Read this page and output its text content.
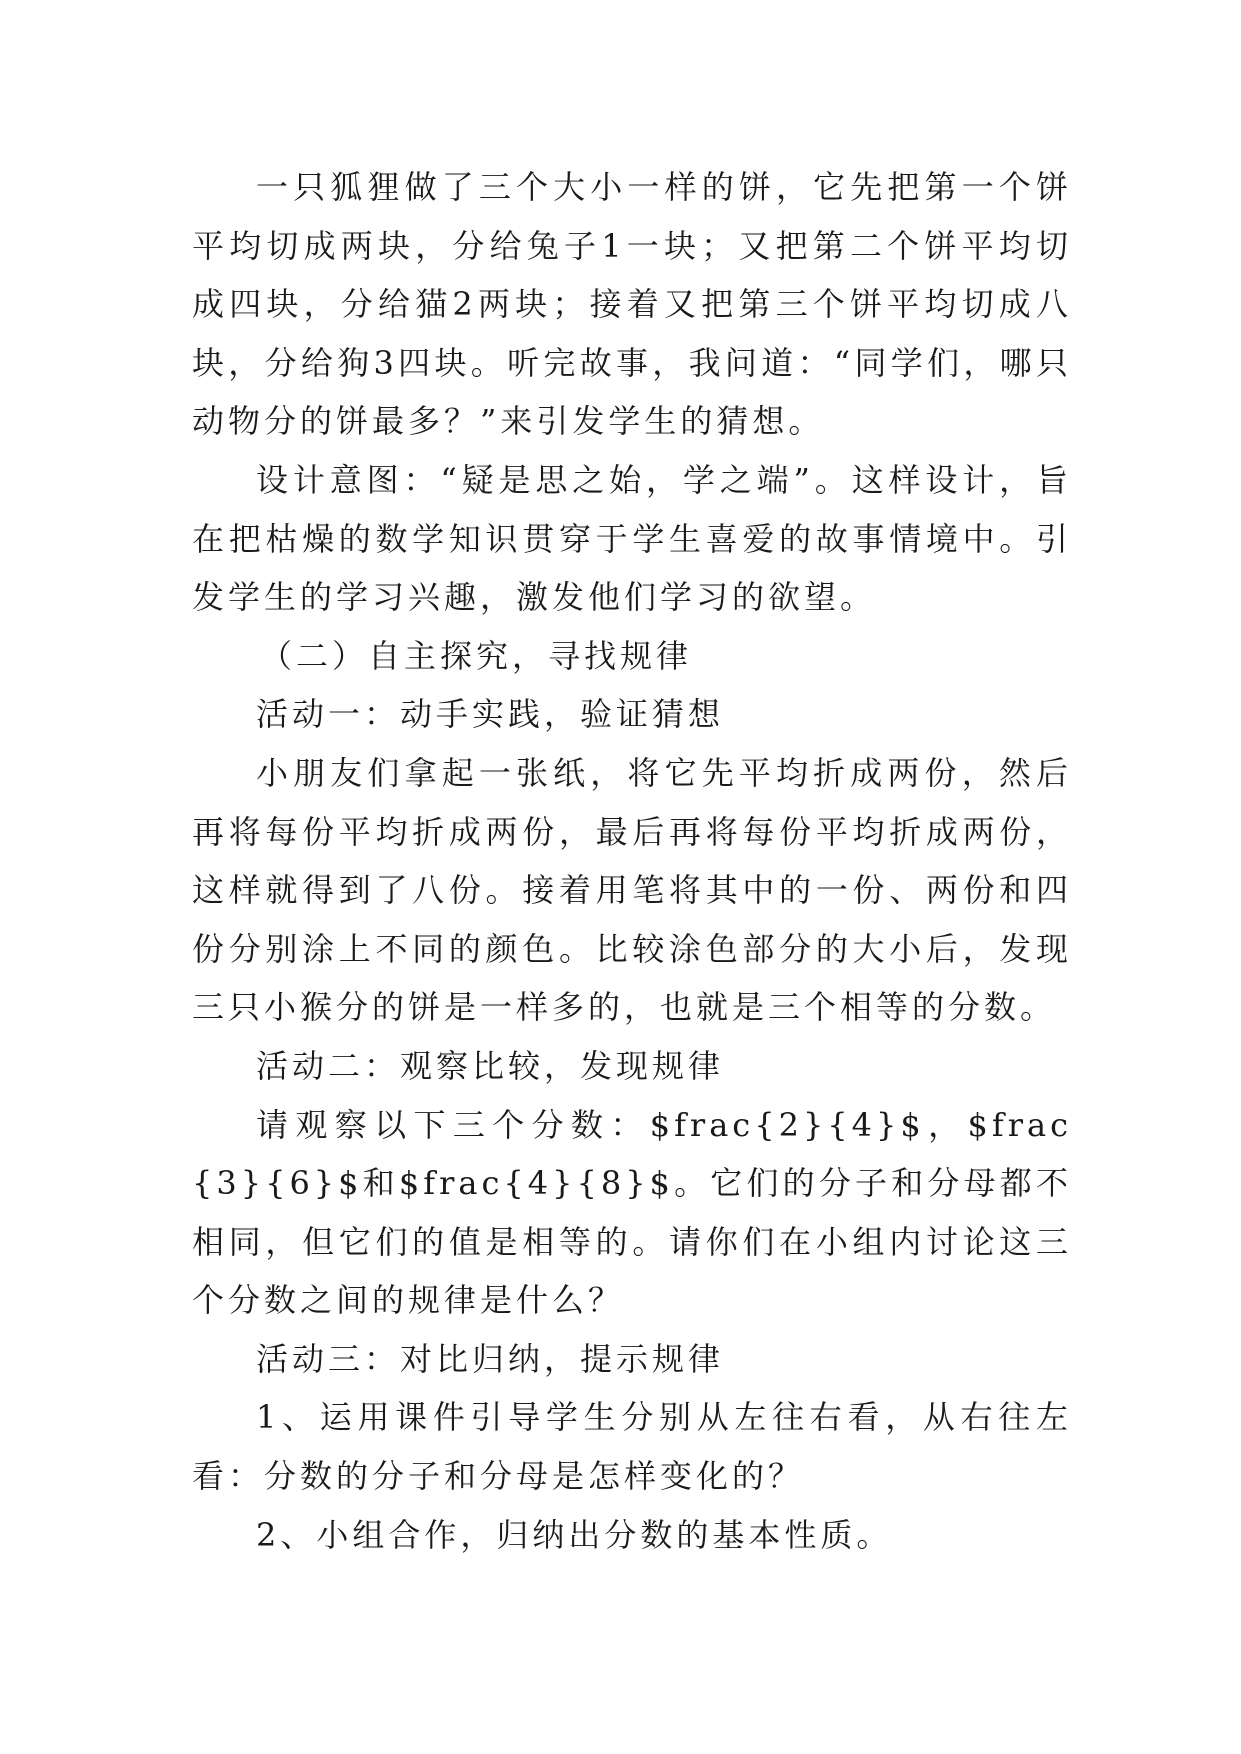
一只狐狸做了三个大小一样的饼，它先把第一个饼平均切成两块，分给兔子1一块；又把第二个饼平均切成四块，分给猫2两块；接着又把第三个饼平均切成八块，分给狗3四块。听完故事，我问道：“同学们，哪只动物分的饼最多？”来引发学生的猜想。

设计意图：“疑是思之始，学之端”。这样设计，旨在把枯燥的数学知识贯穿于学生喜爱的故事情境中。引发学生的学习兴趣，激发他们学习的欲望。

（二）自主探究，寻找规律

活动一：动手实践，验证猜想

小朋友们拿起一张纸，将它先平均折成两份，然后再将每份平均折成两份，最后再将每份平均折成两份，这样就得到了八份。接着用笔将其中的一份、两份和四份分别涂上不同的颜色。比较涂色部分的大小后，发现三只小猴分的饼是一样多的，也就是三个相等的分数。

活动二：观察比较，发现规律

请观察以下三个分数：$frac{2}{4}$，$frac{3}{6}$和$frac{4}{8}$。它们的分子和分母都不相同，但它们的值是相等的。请你们在小组内讨论这三个分数之间的规律是什么？

活动三：对比归纳，提示规律

1、运用课件引导学生分别从左往右看，从右往左看：分数的分子和分母是怎样变化的？

2、小组合作，归纳出分数的基本性质。
